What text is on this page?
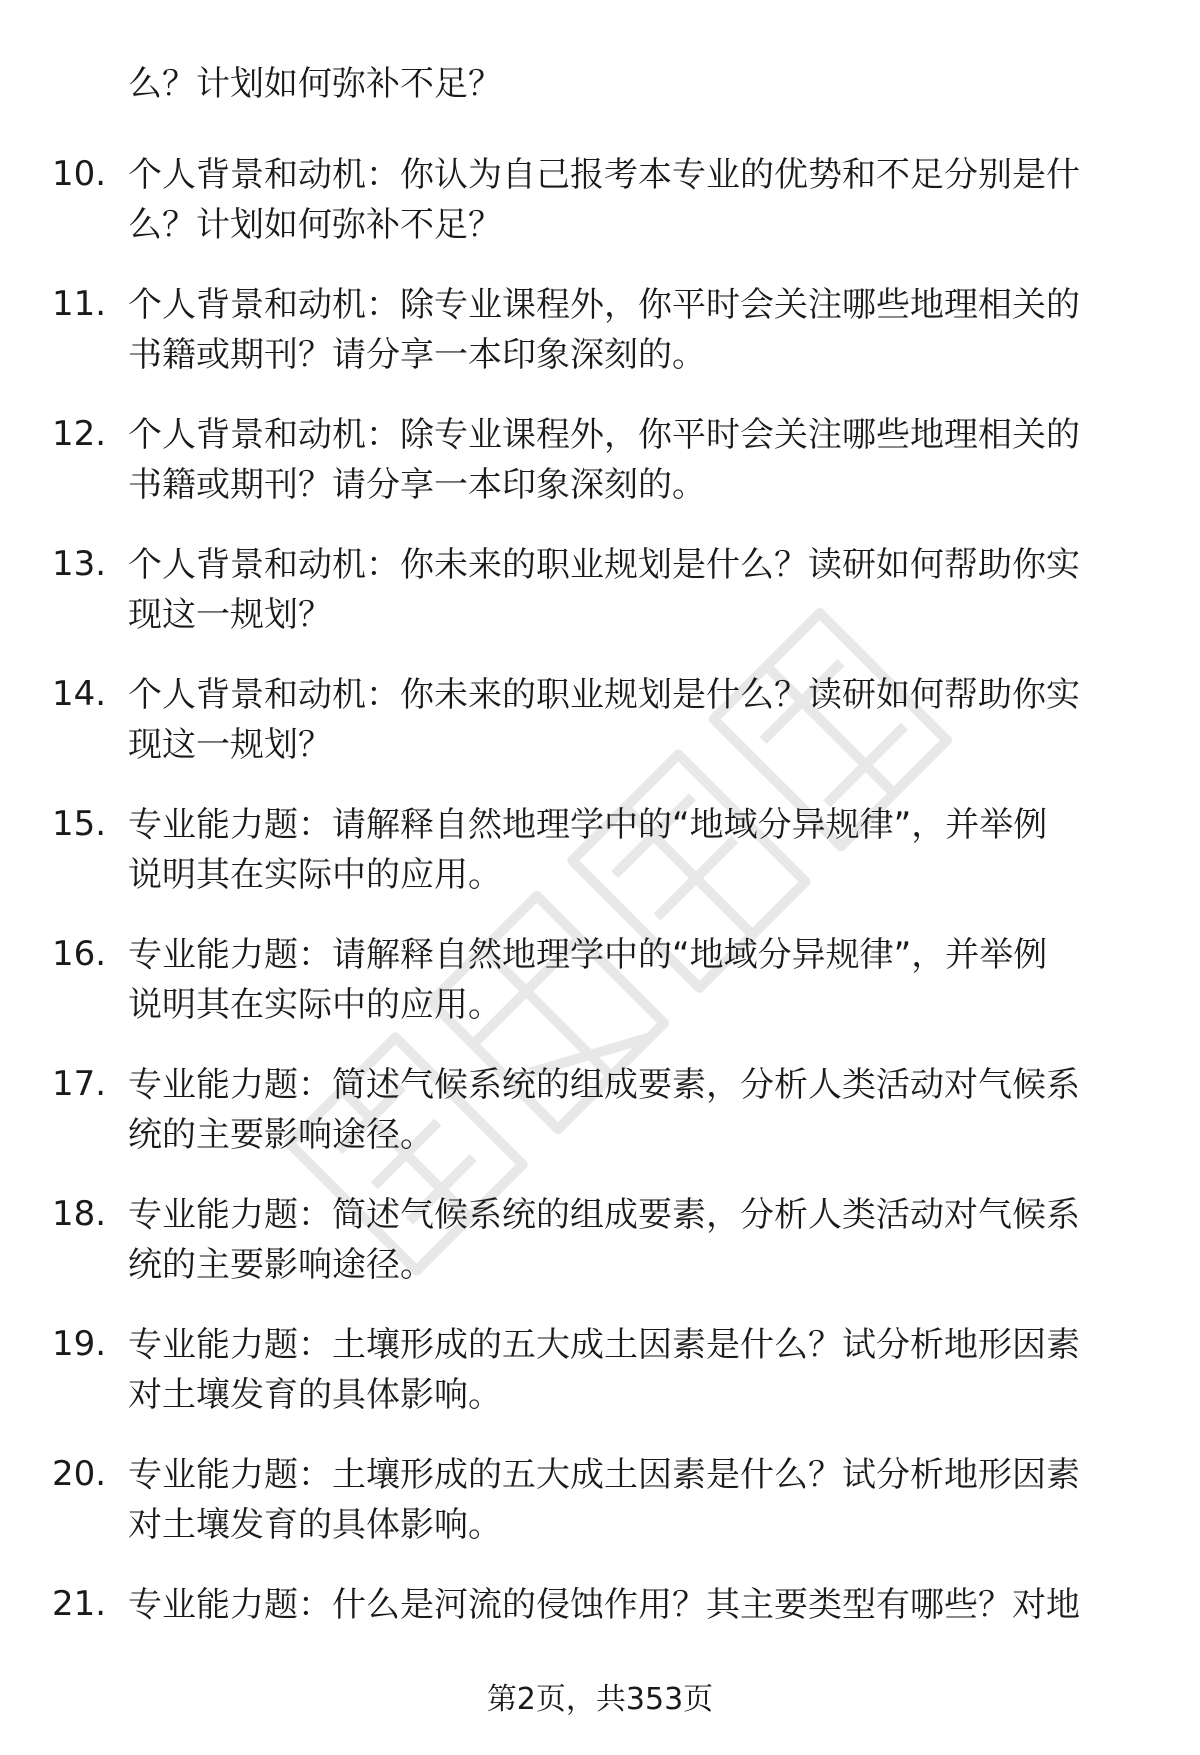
么？计划如何弥补不足？
10. 个人背景和动机：你认为自己报考本专业的优势和不足分别是什
么？计划如何弥补不足？
11. 个人背景和动机：除专业课程外，你平时会关注哪些地理相关的
书籍或期刊？请分享一本印象深刻的。
12. 个人背景和动机：除专业课程外，你平时会关注哪些地理相关的
书籍或期刊？请分享一本印象深刻的。
13. 个人背景和动机：你未来的职业规划是什么？读研如何帮助你实
现这一规划？
14. 个人背景和动机：你未来的职业规划是什么？读研如何帮助你实
现这一规划？
15. 专业能力题：请解释自然地理学中的“地域分异规律”，并举例
说明其在实际中的应用。
16. 专业能力题：请解释自然地理学中的“地域分异规律”，并举例
说明其在实际中的应用。
17. 专业能力题：简述气候系统的组成要素，分析人类活动对气候系
统的主要影响途径。
18. 专业能力题：简述气候系统的组成要素，分析人类活动对气候系
统的主要影响途径。
19. 专业能力题：土壤形成的五大成土因素是什么？试分析地形因素
对土壤发育的具体影响。
20. 专业能力题：土壤形成的五大成土因素是什么？试分析地形因素
对土壤发育的具体影响。
21. 专业能力题：什么是河流的侵蚀作用？其主要类型有哪些？对地
第2页，共353页
